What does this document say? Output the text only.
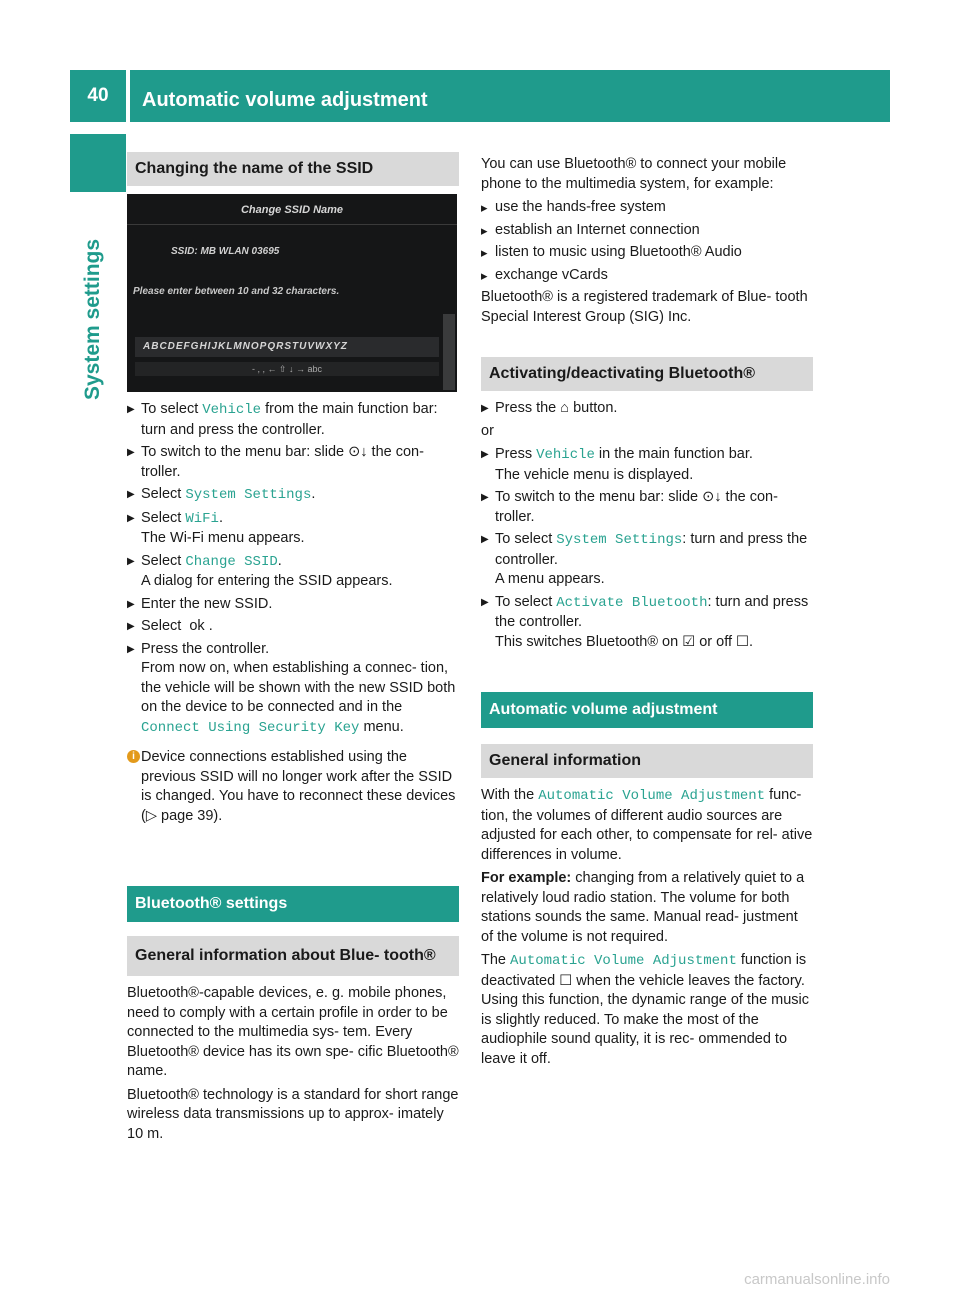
40	Automatic volume adjustment
System settings
Changing the name of the SSID
Change SSID Name
SSID: MB WLAN 03695
Please enter between 10 and 32 characters.
ABCDEFGHIJKLMNOPQRSTUVWXYZ
- , , ← ⇧ ↓ → abc
▶ To select Vehicle from the main function bar: turn and press the controller.
▶ To switch to the menu bar: slide ⊙↓ the con- troller.
▶ Select System Settings.
▶ Select WiFi.
The Wi-Fi menu appears.
▶ Select Change SSID.
A dialog for entering the SSID appears.
▶ Enter the new SSID.
▶ Select  ok .
▶ Press the controller.
From now on, when establishing a connec- tion, the vehicle will be shown with the new SSID both on the device to be connected and in the Connect Using Security Key menu.
i Device connections established using the previous SSID will no longer work after the SSID is changed. You have to reconnect these devices (▷ page 39).
Bluetooth® settings
General information about Blue- tooth®

Bluetooth®-capable devices, e. g. mobile phones, need to comply with a certain profile in order to be connected to the multimedia sys- tem. Every Bluetooth® device has its own spe- cific Bluetooth® name.

Bluetooth® technology is a standard for short range wireless data transmissions up to approx- imately 10 m.

You can use Bluetooth® to connect your mobile phone to the multimedia system, for example:

▸ use the hands-free system
▸ establish an Internet connection
▸ listen to music using Bluetooth® Audio
▸ exchange vCards

Bluetooth® is a registered trademark of Blue- tooth Special Interest Group (SIG) Inc.

Activating/deactivating Bluetooth®
▶ Press the ⌂ button.

or

▶ Press Vehicle in the main function bar.
The vehicle menu is displayed.
▶ To switch to the menu bar: slide ⊙↓ the con- troller.
▶ To select System Settings: turn and press the controller.
A menu appears.
▶ To select Activate Bluetooth: turn and press the controller.
This switches Bluetooth® on ☑ or off ☐.
Automatic volume adjustment
General information

With the Automatic Volume Adjustment func- tion, the volumes of different audio sources are adjusted for each other, to compensate for rel- ative differences in volume.

For example: changing from a relatively quiet to a relatively loud radio station. The volume for both stations sounds the same. Manual read- justment of the volume is not required.

The Automatic Volume Adjustment function is deactivated ☐ when the vehicle leaves the factory. Using this function, the dynamic range of the music is slightly reduced. To make the most of the audiophile sound quality, it is rec- ommended to leave it off.

carmanualsonline.info
